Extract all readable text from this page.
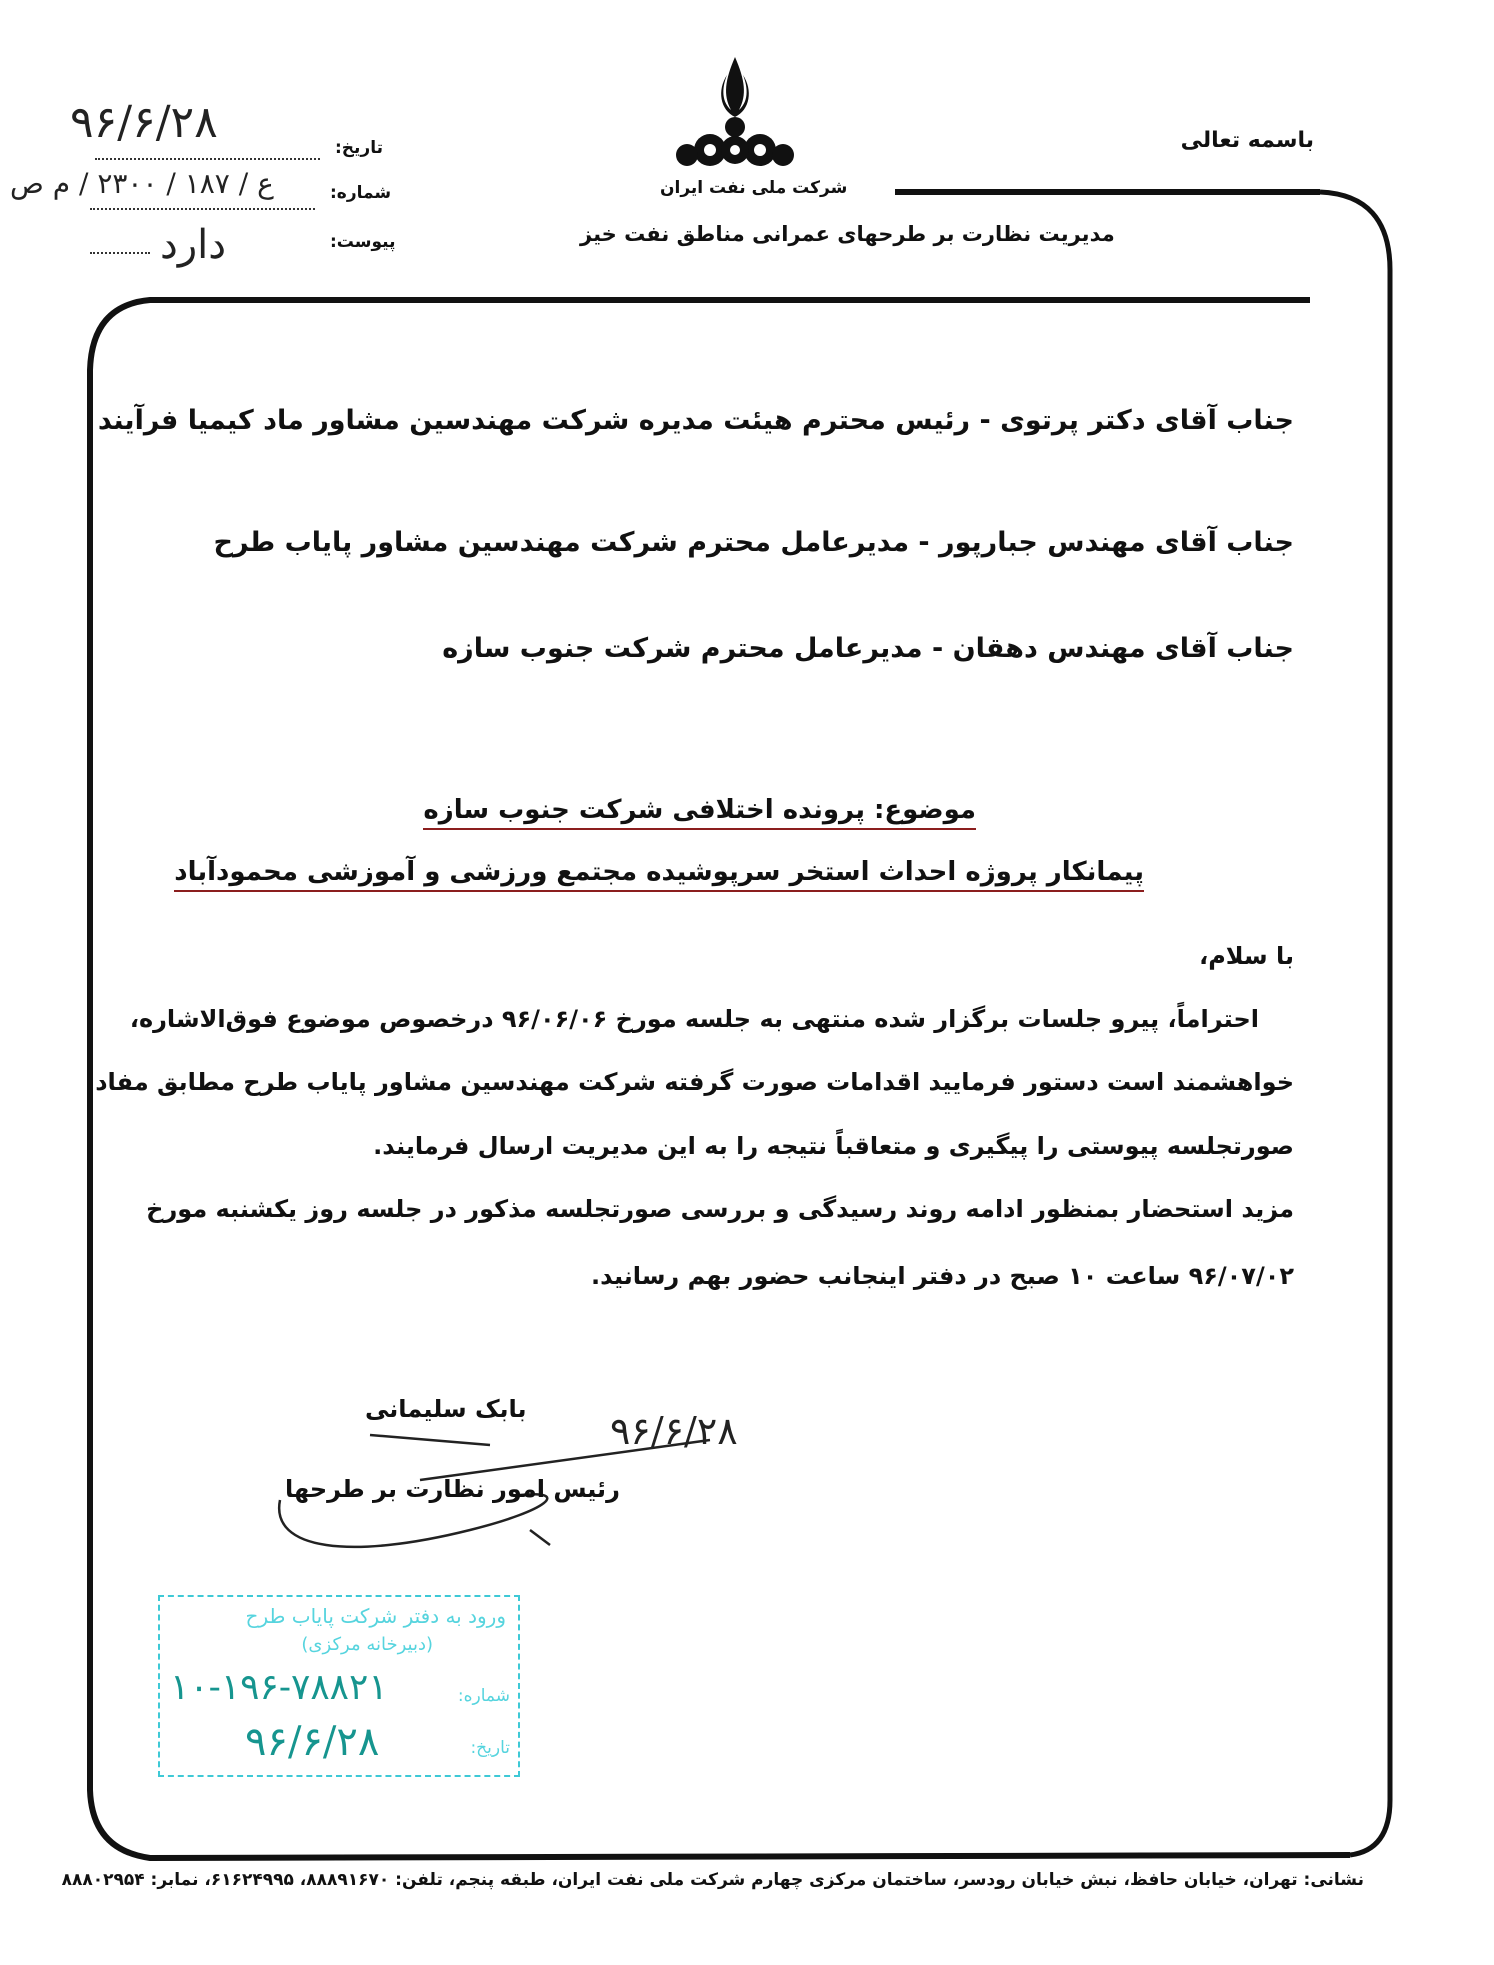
باسمه تعالی
شرکت ملی نفت ایران
مدیریت نظارت بر طرحهای عمرانی مناطق نفت خیز
تاریخ:
شماره:
پیوست:
۹۶/۶/۲۸
ع / ۱۸۷ / ۲۳۰۰ / م ص
دارد
جناب آقای دکتر پرتوی - رئیس محترم هیئت مدیره شرکت مهندسین مشاور ماد کیمیا فرآیند
جناب آقای مهندس جبارپور - مدیرعامل محترم شرکت مهندسین مشاور پایاب طرح
جناب آقای مهندس دهقان - مدیرعامل محترم شرکت جنوب سازه
موضوع: پرونده اختلافی شرکت جنوب سازه
پیمانکار پروژه احداث استخر سرپوشیده مجتمع ورزشی و آموزشی محمودآباد
با سلام،
احتراماً، پیرو جلسات برگزار شده منتهی به جلسه مورخ ۹۶/۰۶/۰۶ درخصوص موضوع فوق‌الاشاره،
خواهشمند است دستور فرمایید اقدامات صورت گرفته شرکت مهندسین مشاور پایاب طرح مطابق مفاد
صورتجلسه پیوستی را پیگیری و متعاقباً نتیجه را به این مدیریت ارسال فرمایند.
مزید استحضار بمنظور ادامه روند رسیدگی و بررسی صورتجلسه مذکور در جلسه روز یکشنبه مورخ
۹۶/۰۷/۰۲ ساعت ۱۰ صبح در دفتر اینجانب حضور بهم رسانید.
بابک سلیمانی ۹۶/۶/۲۸
رئیس امور نظارت بر طرحها
ورود به دفتر شرکت پایاب طرح
(دبیرخانه مرکزی)
شماره:
۱۰-۱۹۶-۷۸۸۲۱
تاریخ:
۹۶/۶/۲۸
نشانی: تهران، خیابان حافظ، نبش خیابان رودسر، ساختمان مرکزی چهارم شرکت ملی نفت ایران، طبقه پنجم، تلفن: ۸۸۸۹۱۶۷۰، ۶۱۶۲۴۹۹۵، نمابر: ۸۸۸۰۲۹۵۴
